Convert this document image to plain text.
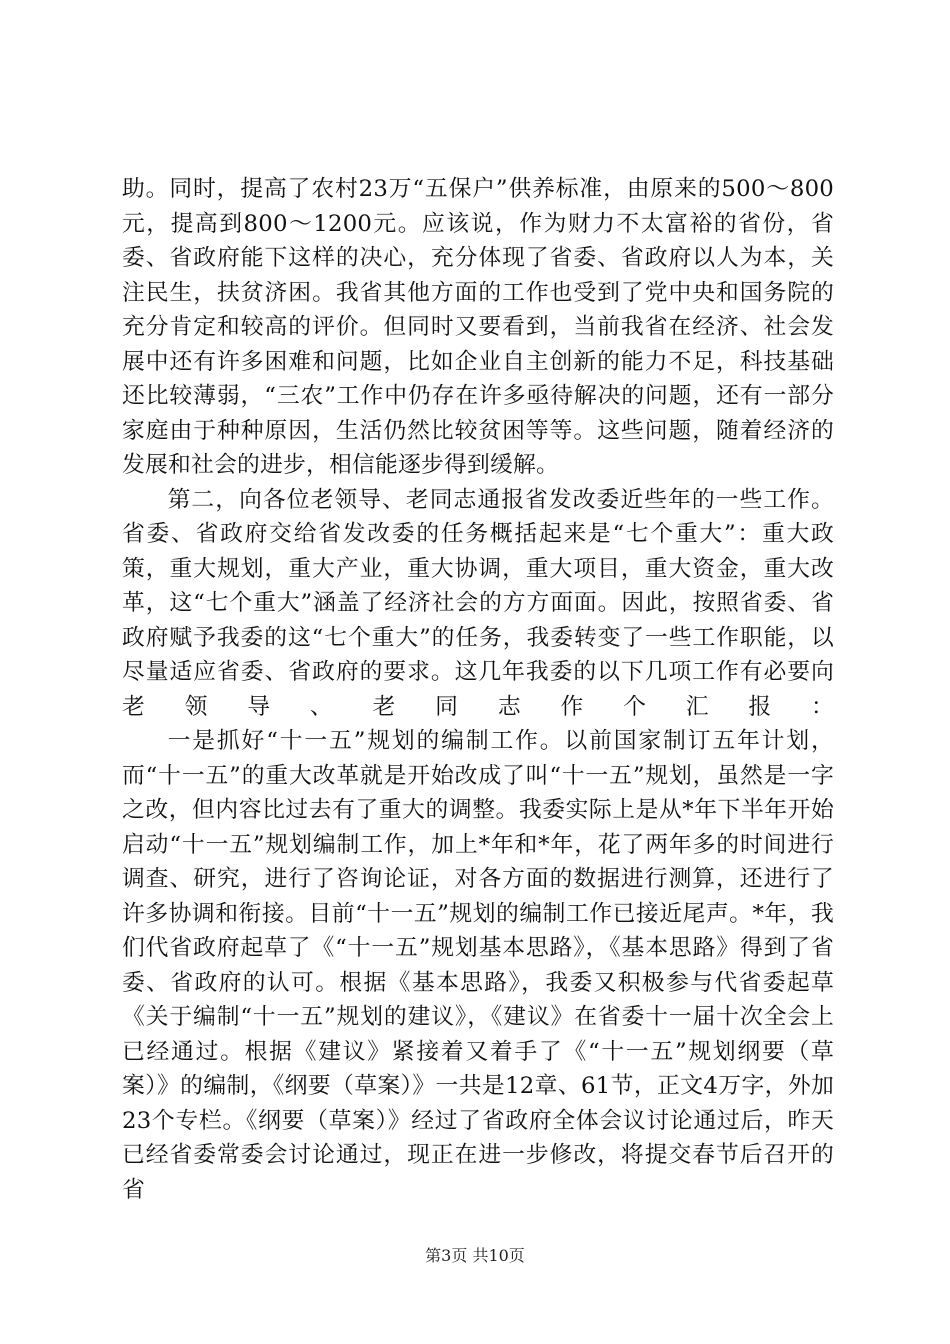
助。同时，提高了农村23万“五保户”供养标准，由原来的500～800元，提高到800～1200元。应该说，作为财力不太富裕的省份，省委、省政府能下这样的决心，充分体现了省委、省政府以人为本，关注民生，扶贫济困。我省其他方面的工作也受到了党中央和国务院的充分肯定和较高的评价。但同时又要看到，当前我省在经济、社会发展中还有许多困难和问题，比如企业自主创新的能力不足，科技基础还比较薄弱，“三农”工作中仍存在许多亟待解决的问题，还有一部分家庭由于种种原因，生活仍然比较贫困等等。这些问题，随着经济的发展和社会的进步，相信能逐步得到缓解。

第二，向各位老领导、老同志通报省发改委近些年的一些工作。省委、省政府交给省发改委的任务概括起来是“七个重大”：重大政策，重大规划，重大产业，重大协调，重大项目，重大资金，重大改革，这“七个重大”涵盖了经济社会的方方面面。因此，按照省委、省政府赋予我委的这“七个重大”的任务，我委转变了一些工作职能，以尽量适应省委、省政府的要求。这几年我委的以下几项工作有必要向老领导、老同志作个汇报：

一是抓好“十一五”规划的编制工作。以前国家制订五年计划，而“十一五”的重大改革就是开始改成了叫“十一五”规划，虽然是一字之改，但内容比过去有了重大的调整。我委实际上是从*年下半年开始启动“十一五”规划编制工作，加上*年和*年，花了两年多的时间进行调查、研究，进行了咨询论证，对各方面的数据进行测算，还进行了许多协调和衔接。目前“十一五”规划的编制工作已接近尾声。*年，我们代省政府起草了《“十一五”规划基本思路》，《基本思路》得到了省委、省政府的认可。根据《基本思路》，我委又积极参与代省委起草《关于编制“十一五”规划的建议》，《建议》在省委十一届十次全会上已经通过。根据《建议》紧接着又着手了《“十一五”规划纲要（草案）》的编制，《纲要（草案）》一共是12章、61节，正文4万字，外加23个专栏。《纲要（草案）》经过了省政府全体会议讨论通过后，昨天已经省委常委会讨论通过，现正在进一步修改，将提交春节后召开的省

第3页 共10页
